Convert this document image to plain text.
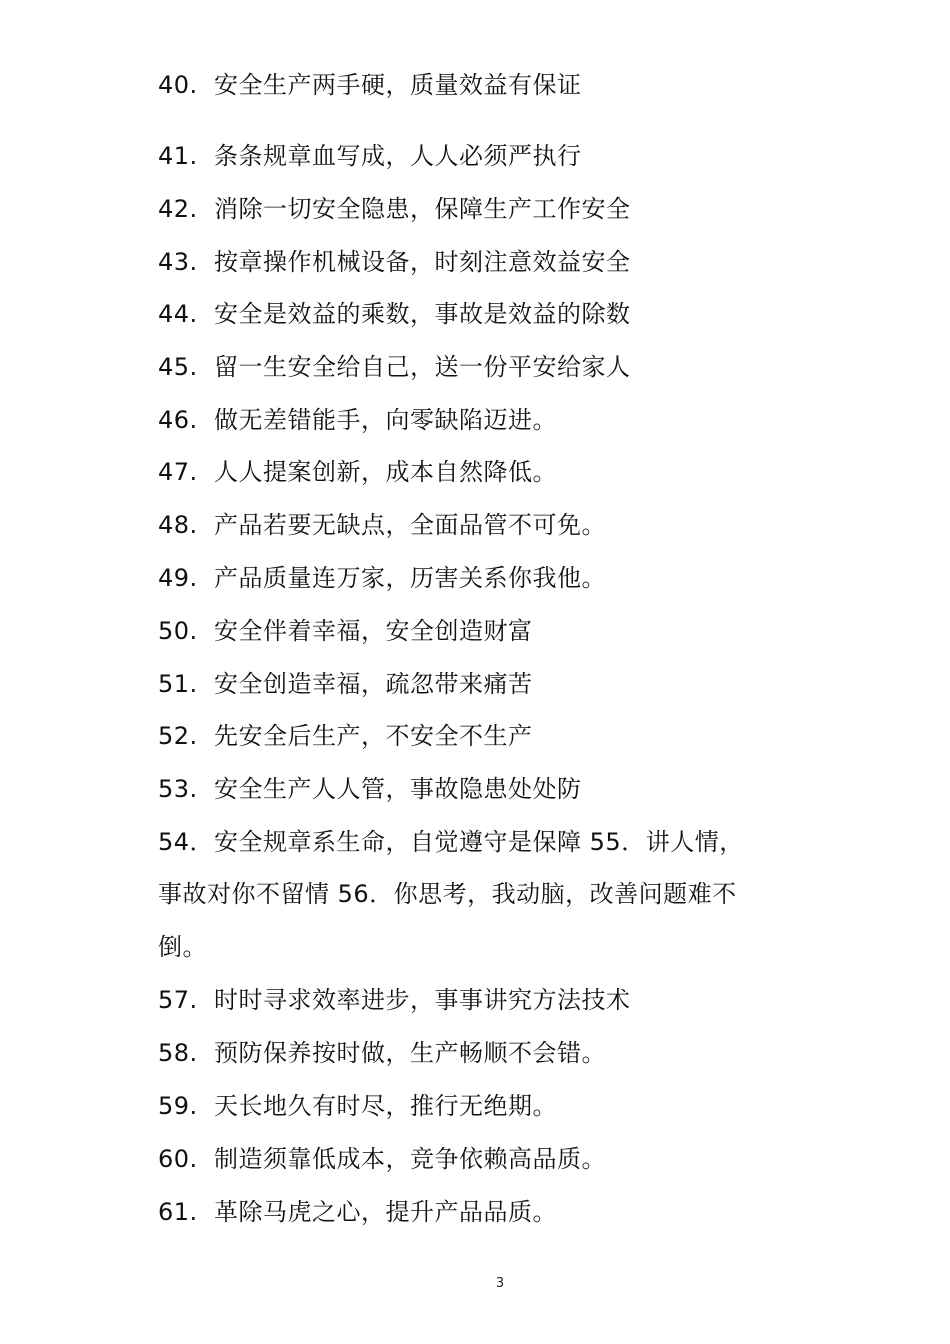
40. 安全生产两手硬，质量效益有保证
41. 条条规章血写成，人人必须严执行
42. 消除一切安全隐患，保障生产工作安全
43. 按章操作机械设备，时刻注意效益安全
44. 安全是效益的乘数，事故是效益的除数
45. 留一生安全给自己，送一份平安给家人
46. 做无差错能手，向零缺陷迈进。
47. 人人提案创新，成本自然降低。
48. 产品若要无缺点，全面品管不可免。
49. 产品质量连万家，历害关系你我他。
50. 安全伴着幸福，安全创造财富
51. 安全创造幸福，疏忽带来痛苦
52. 先安全后生产，不安全不生产
53. 安全生产人人管，事故隐患处处防
54．安全规章系生命，自觉遵守是保障 55．讲人情，
事故对你不留情 56．你思考，我动脑，改善问题难不
倒。
57. 时时寻求效率进步，事事讲究方法技术
58. 预防保养按时做，生产畅顺不会错。
59. 天长地久有时尽，推行无绝期。
60. 制造须靠低成本，竞争依赖高品质。
61. 革除马虎之心，提升产品品质。
3
